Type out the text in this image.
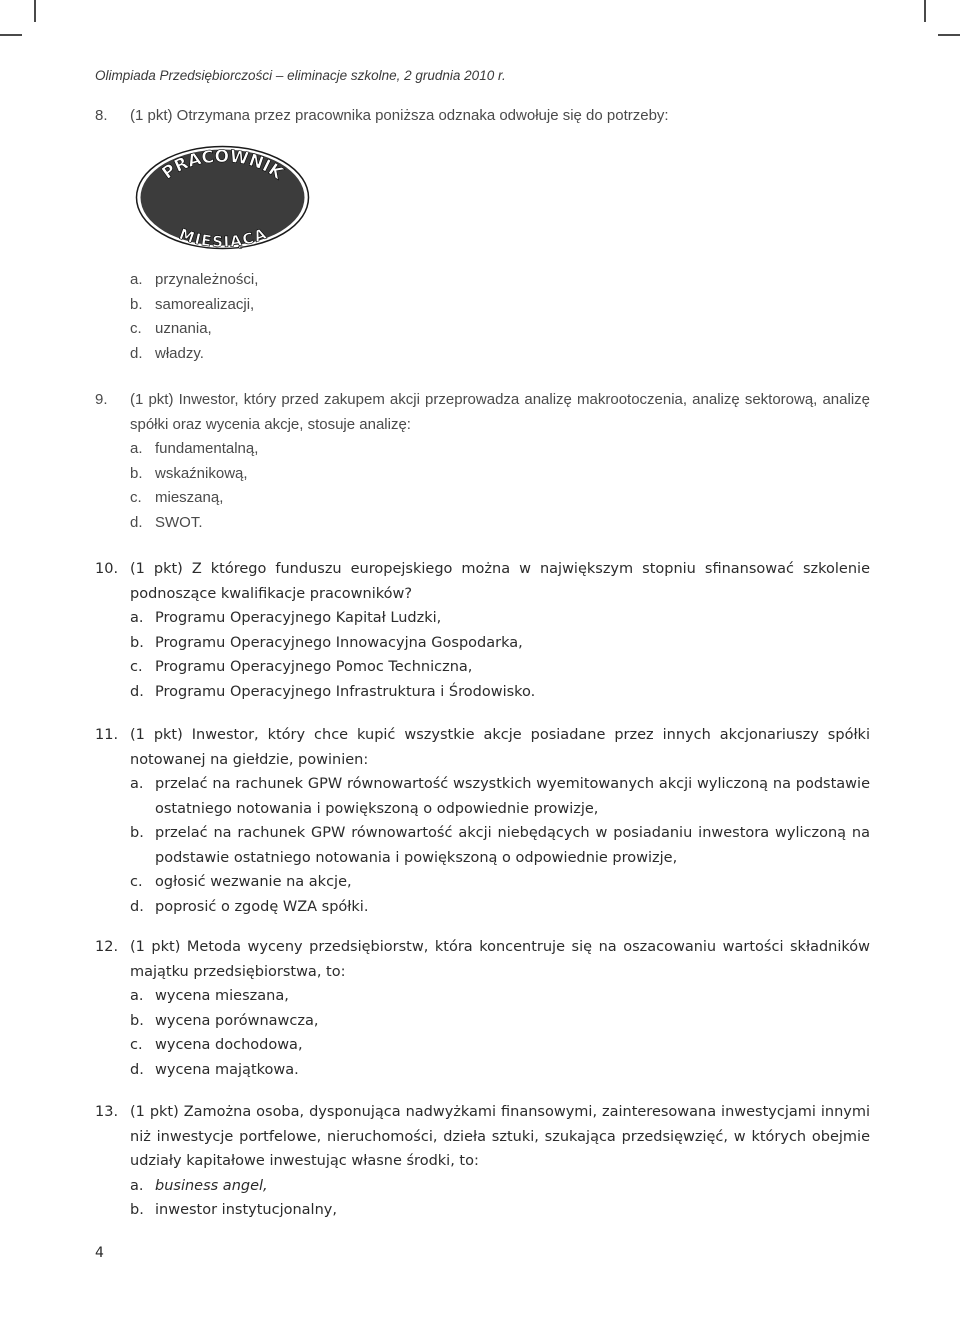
Olimpiada Przedsiębiorczości – eliminacje szkolne, 2 grudnia 2010 r.
8. (1 pkt) Otrzymana przez pracownika poniższa odznaka odwołuje się do potrzeby:
PRACOWNIK
MIESIĄCA
a. przynależności,
b. samorealizacji,
c. uznania,
d. władzy.
9. (1 pkt) Inwestor, który przed zakupem akcji przeprowadza analizę makrootoczenia, analizę sektorową, analizę spółki oraz wycenia akcje, stosuje analizę:
a. fundamentalną,
b. wskaźnikową,
c. mieszaną,
d. SWOT.
10. (1 pkt) Z którego funduszu europejskiego można w największym stopniu sfinansować szkolenie podnoszące kwalifikacje pracowników?
a. Programu Operacyjnego Kapitał Ludzki,
b. Programu Operacyjnego Innowacyjna Gospodarka,
c. Programu Operacyjnego Pomoc Techniczna,
d. Programu Operacyjnego Infrastruktura i Środowisko.
11. (1 pkt) Inwestor, który chce kupić wszystkie akcje posiadane przez innych akcjonariuszy spółki notowanej na giełdzie, powinien:
a. przelać na rachunek GPW równowartość wszystkich wyemitowanych akcji wyliczoną na podstawie ostatniego notowania i powiększoną o odpowiednie prowizje,
b. przelać na rachunek GPW równowartość akcji niebędących w posiadaniu inwestora wyliczoną na podstawie ostatniego notowania i powiększoną o odpowiednie prowizje,
c. ogłosić wezwanie na akcje,
d. poprosić o zgodę WZA spółki.
12. (1 pkt) Metoda wyceny przedsiębiorstw, która koncentruje się na oszacowaniu wartości składników majątku przedsiębiorstwa, to:
a. wycena mieszana,
b. wycena porównawcza,
c. wycena dochodowa,
d. wycena majątkowa.
13. (1 pkt) Zamożna osoba, dysponująca nadwyżkami finansowymi, zainteresowana inwestycjami innymi niż inwestycje portfelowe, nieruchomości, dzieła sztuki, szukająca przedsięwzięć, w których obejmie udziały kapitałowe inwestując własne środki, to:
a. business angel,
b. inwestor instytucjonalny,
4
